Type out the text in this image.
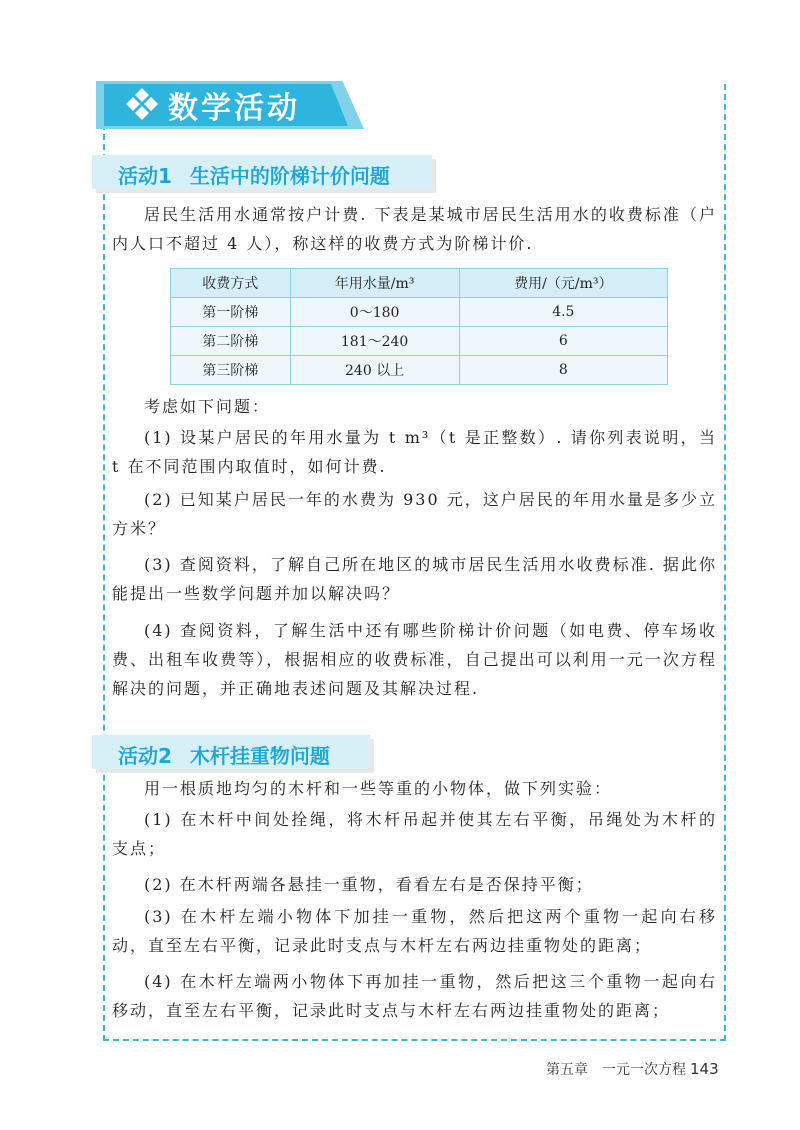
数学活动
活动1 生活中的阶梯计价问题

居民生活用水通常按户计费. 下表是某城市居民生活用水的收费标准（户内人口不超过 4 人），称这样的收费方式为阶梯计价.

收费方式	年用水量/m³	费用/（元/m³）
第一阶梯	0～180	4.5
第二阶梯	181～240	6
第三阶梯	240 以上	8

考虑如下问题：

(1) 设某户居民的年用水量为 t m³（t 是正整数）. 请你列表说明，当 t 在不同范围内取值时，如何计费.

(2) 已知某户居民一年的水费为 930 元，这户居民的年用水量是多少立方米？

(3) 查阅资料，了解自己所在地区的城市居民生活用水收费标准. 据此你能提出一些数学问题并加以解决吗？

(4) 查阅资料，了解生活中还有哪些阶梯计价问题（如电费、停车场收费、出租车收费等），根据相应的收费标准，自己提出可以利用一元一次方程解决的问题，并正确地表述问题及其解决过程.

活动2 木杆挂重物问题

用一根质地均匀的木杆和一些等重的小物体，做下列实验：

(1) 在木杆中间处拴绳，将木杆吊起并使其左右平衡，吊绳处为木杆的支点；

(2) 在木杆两端各悬挂一重物，看看左右是否保持平衡；

(3) 在木杆左端小物体下加挂一重物，然后把这两个重物一起向右移动，直至左右平衡，记录此时支点与木杆左右两边挂重物处的距离；

(4) 在木杆左端两小物体下再加挂一重物，然后把这三个重物一起向右移动，直至左右平衡，记录此时支点与木杆左右两边挂重物处的距离；

第五章　一元一次方程 143
